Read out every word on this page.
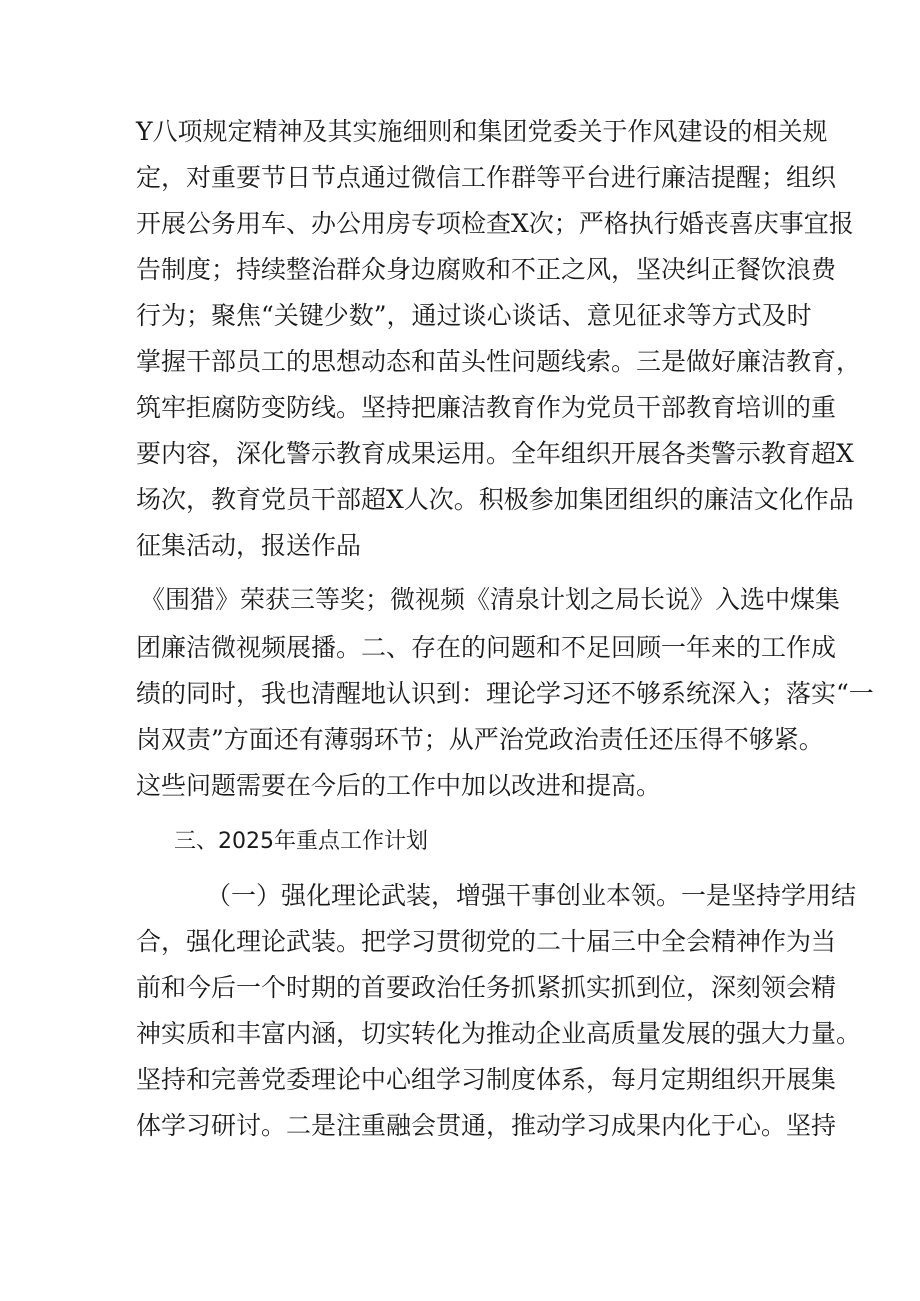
Y八项规定精神及其实施细则和集团党委关于作风建设的相关规
定，对重要节日节点通过微信工作群等平台进行廉洁提醒；组织
开展公务用车、办公用房专项检查X次；严格执行婚丧喜庆事宜报
告制度；持续整治群众身边腐败和不正之风，坚决纠正餐饮浪费
行为；聚焦“关键少数”，通过谈心谈话、意见征求等方式及时
掌握干部员工的思想动态和苗头性问题线索。三是做好廉洁教育，
筑牢拒腐防变防线。坚持把廉洁教育作为党员干部教育培训的重
要内容，深化警示教育成果运用。全年组织开展各类警示教育超X
场次，教育党员干部超X人次。积极参加集团组织的廉洁文化作品
征集活动，报送作品
《围猎》荣获三等奖；微视频《清泉计划之局长说》入选中煤集
团廉洁微视频展播。二、存在的问题和不足回顾一年来的工作成
绩的同时，我也清醒地认识到：理论学习还不够系统深入；落实“一
岗双责”方面还有薄弱环节；从严治党政治责任还压得不够紧。
这些问题需要在今后的工作中加以改进和提高。
三、2025年重点工作计划
（一）强化理论武装，增强干事创业本领。一是坚持学用结
合，强化理论武装。把学习贯彻党的二十届三中全会精神作为当
前和今后一个时期的首要政治任务抓紧抓实抓到位，深刻领会精
神实质和丰富内涵，切实转化为推动企业高质量发展的强大力量。
坚持和完善党委理论中心组学习制度体系，每月定期组织开展集
体学习研讨。二是注重融会贯通，推动学习成果内化于心。坚持
